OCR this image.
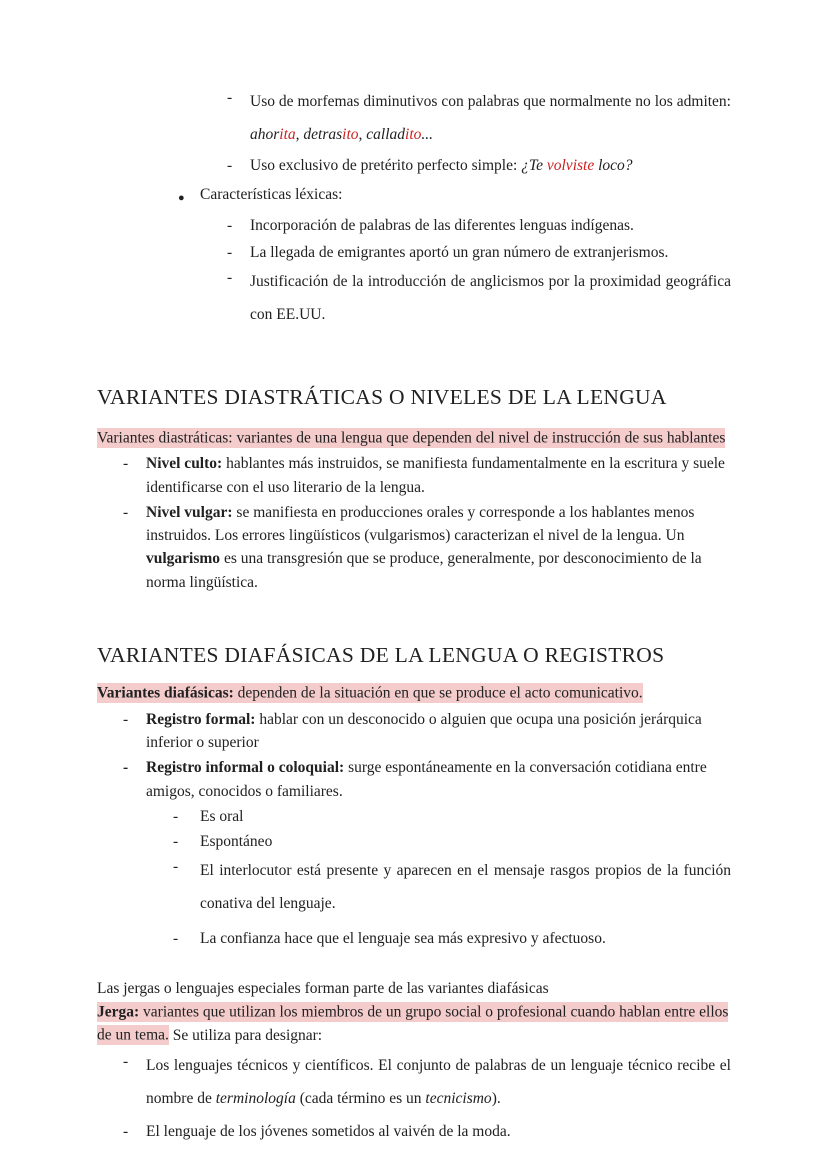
-	Uso de morfemas diminutivos con palabras que normalmente no los admiten: ahorita, detrasito, calladito...
-	Uso exclusivo de pretérito perfecto simple: ¿Te volviste loco?
● Características léxicas:
-	Incorporación de palabras de las diferentes lenguas indígenas.
-	La llegada de emigrantes aportó un gran número de extranjerismos.
-	Justificación de la introducción de anglicismos por la proximidad geográfica con EE.UU.
VARIANTES DIASTRÁTICAS O NIVELES DE LA LENGUA

Variantes diastráticas: variantes de una lengua que dependen del nivel de instrucción de sus hablantes

-	Nivel culto: hablantes más instruidos, se manifiesta fundamentalmente en la escritura y suele identificarse con el uso literario de la lengua.
-	Nivel vulgar: se manifiesta en producciones orales y corresponde a los hablantes menos instruidos. Los errores lingüísticos (vulgarismos) caracterizan el nivel de la lengua. Un vulgarismo es una transgresión que se produce, generalmente, por desconocimiento de la norma lingüística.
VARIANTES DIAFÁSICAS DE LA LENGUA O REGISTROS

Variantes diafásicas: dependen de la situación en que se produce el acto comunicativo.

-	Registro formal: hablar con un desconocido o alguien que ocupa una posición jerárquica inferior o superior
-	Registro informal o coloquial: surge espontáneamente en la conversación cotidiana entre amigos, conocidos o familiares.
-	Es oral
-	Espontáneo
-	El interlocutor está presente y aparecen en el mensaje rasgos propios de la función conativa del lenguaje.
-	La confianza hace que el lenguaje sea más expresivo y afectuoso.

Las jergas o lenguajes especiales forman parte de las variantes diafásicas

Jerga: variantes que utilizan los miembros de un grupo social o profesional cuando hablan entre ellos de un tema. Se utiliza para designar:

-	Los lenguajes técnicos y científicos. El conjunto de palabras de un lenguaje técnico recibe el nombre de terminología (cada término es un tecnicismo).
-	El lenguaje de los jóvenes sometidos al vaivén de la moda.
